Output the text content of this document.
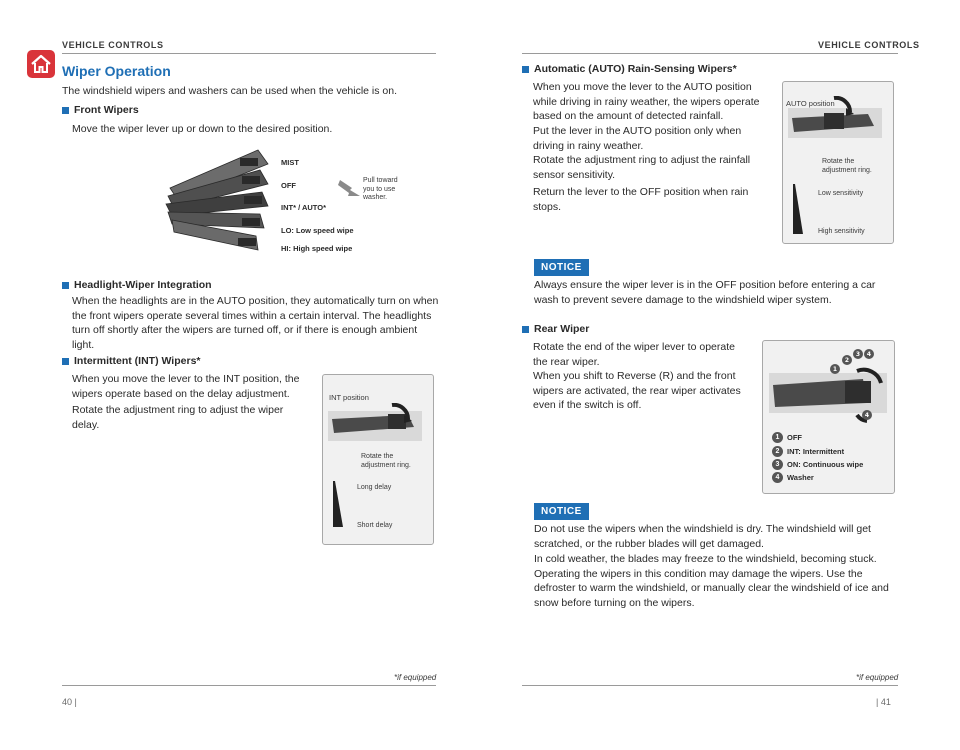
VEHICLE CONTROLS
Wiper Operation
The windshield wipers and washers can be used when the vehicle is on.
Front Wipers
Move the wiper lever up or down to the desired position.
MIST
OFF
INT* / AUTO*
LO: Low speed wipe
HI: High speed wipe
Pull toward you to use washer.
Headlight-Wiper Integration
When the headlights are in the AUTO position, they automatically turn on when the front wipers operate several times within a certain interval. The headlights turn off shortly after the wipers are turned off, or if there is enough ambient light.
Intermittent (INT) Wipers*
When you move the lever to the INT position, the wipers operate based on the delay adjustment.
Rotate the adjustment ring to adjust the wiper delay.
INT position
Rotate the adjustment ring.
Long delay
Short delay
*if equipped
40 |
VEHICLE CONTROLS
Automatic (AUTO) Rain-Sensing Wipers*
When you move the lever to the AUTO position while driving in rainy weather, the wipers operate based on the amount of detected rainfall.
Put the lever in the AUTO position only when driving in rainy weather.
Rotate the adjustment ring to adjust the rainfall sensor sensitivity.
Return the lever to the OFF position when rain stops.
AUTO position
Rotate the adjustment ring.
Low sensitivity
High sensitivity
NOTICE
Always ensure the wiper lever is in the OFF position before entering a car wash to prevent severe damage to the windshield wiper system.
Rear Wiper
Rotate the end of the wiper lever to operate the rear wiper.
When you shift to Reverse (R) and the front wipers are activated, the rear wiper activates even if the switch is off.
1
2
3 4
4
1	OFF
2	INT: Intermittent
3	ON: Continuous wipe
4	Washer
NOTICE
Do not use the wipers when the windshield is dry. The windshield will get scratched, or the rubber blades will get damaged.
In cold weather, the blades may freeze to the windshield, becoming stuck. Operating the wipers in this condition may damage the wipers. Use the defroster to warm the windshield, or manually clear the windshield of ice and snow before turning on the wipers.
*if equipped
| 41
